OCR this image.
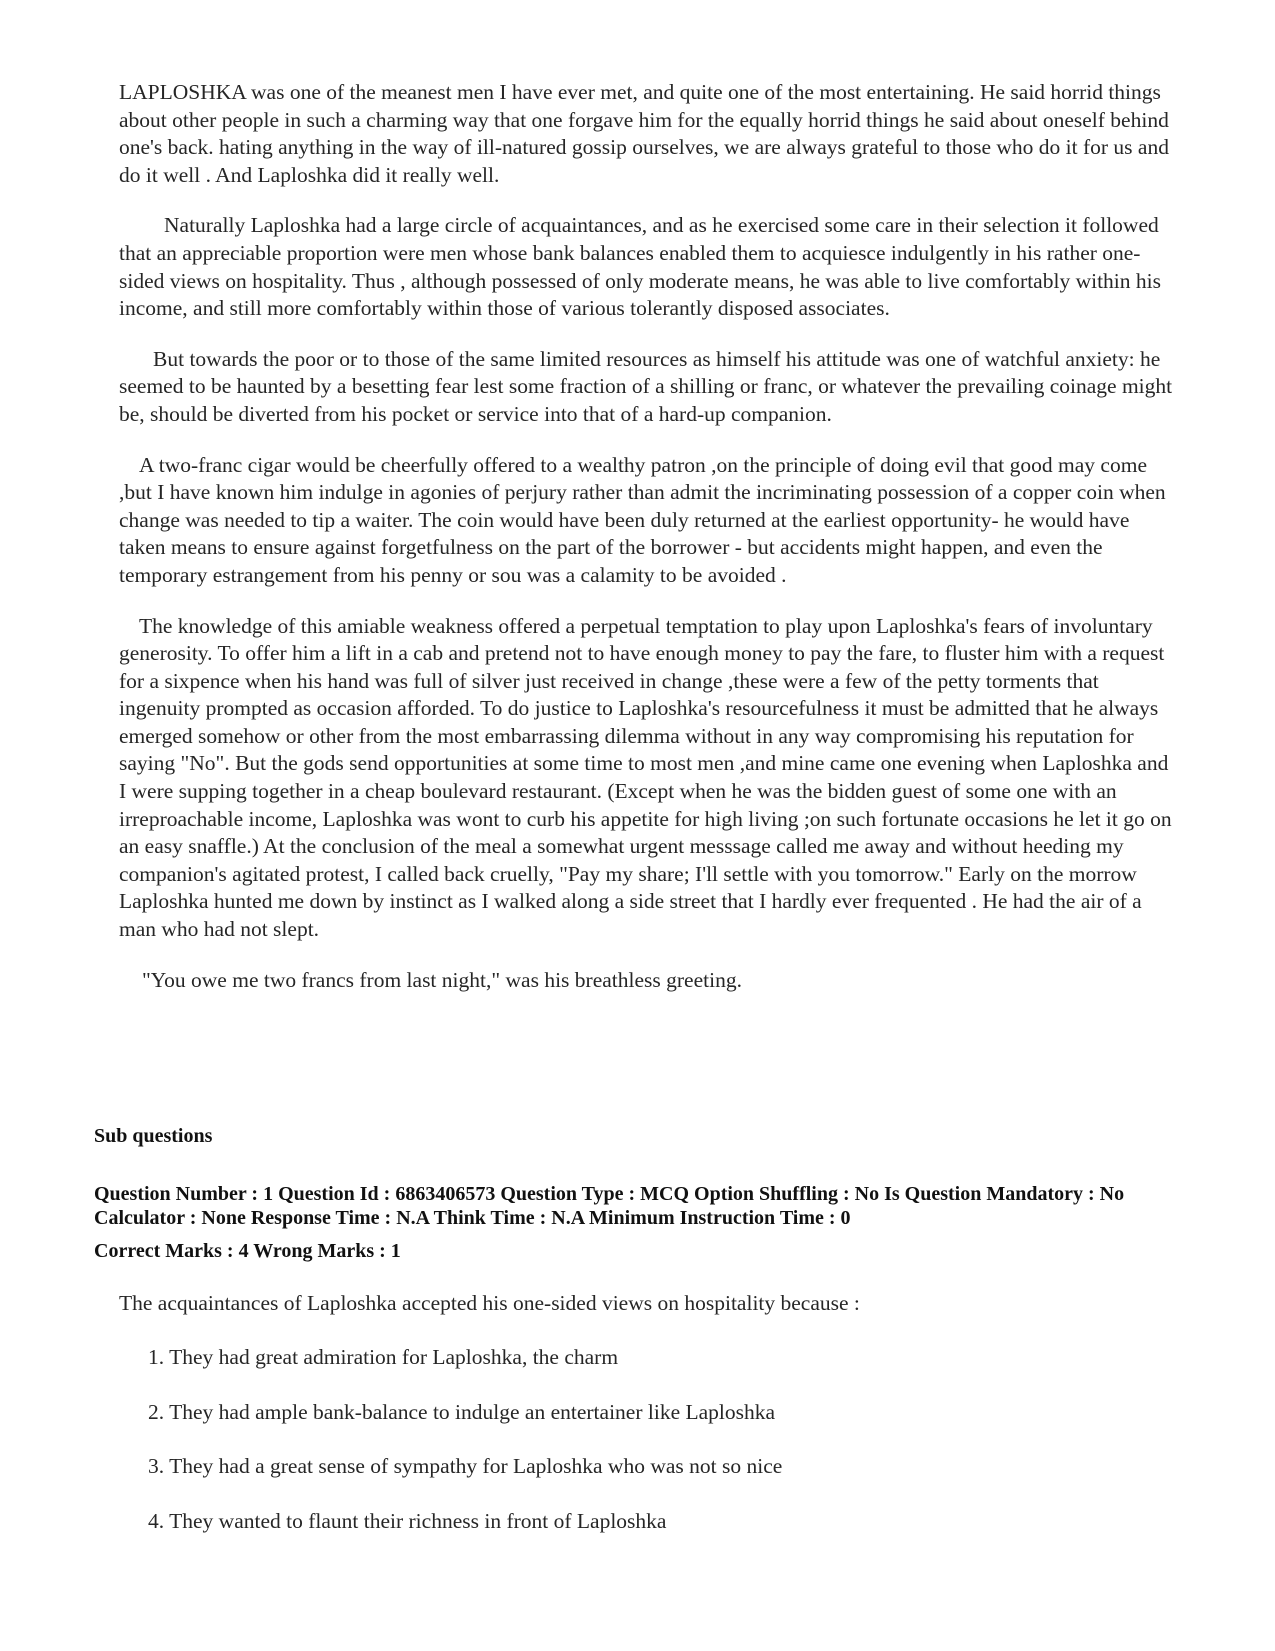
LAPLOSHKA was one of the meanest men I have ever met, and quite one of the most entertaining. He said horrid things about other people in such a charming way that one forgave him for the equally horrid things he said about oneself behind one's back. hating anything in the way of ill-natured gossip ourselves, we are always grateful to those who do it for us and do it well . And Laploshka did it really well.

Naturally Laploshka had a large circle of acquaintances, and as he exercised some care in their selection it followed that an appreciable proportion were men whose bank balances enabled them to acquiesce indulgently in his rather one-sided views on hospitality. Thus , although possessed of only moderate means, he was able to live comfortably within his income, and still more comfortably within those of various tolerantly disposed associates.

But towards the poor or to those of the same limited resources as himself his attitude was one of watchful anxiety: he seemed to be haunted by a besetting fear lest some fraction of a shilling or franc, or whatever the prevailing coinage might be, should be diverted from his pocket or service into that of a hard-up companion.

A two-franc cigar would be cheerfully offered to a wealthy patron ,on the principle of doing evil that good may come ,but I have known him indulge in agonies of perjury rather than admit the incriminating possession of a copper coin when change was needed to tip a waiter. The coin would have been duly returned at the earliest opportunity- he would have taken means to ensure against forgetfulness on the part of the borrower - but accidents might happen, and even the temporary estrangement from his penny or sou was a calamity to be avoided .

The knowledge of this amiable weakness offered a perpetual temptation to play upon Laploshka's fears of involuntary generosity. To offer him a lift in a cab and pretend not to have enough money to pay the fare, to fluster him with a request for a sixpence when his hand was full of silver just received in change ,these were a few of the petty torments that ingenuity prompted as occasion afforded. To do justice to Laploshka's resourcefulness it must be admitted that he always emerged somehow or other from the most embarrassing dilemma without in any way compromising his reputation for saying "No". But the gods send opportunities at some time to most men ,and mine came one evening when Laploshka and I were supping together in a cheap boulevard restaurant. (Except when he was the bidden guest of some one with an irreproachable income, Laploshka was wont to curb his appetite for high living ;on such fortunate occasions he let it go on an easy snaffle.) At the conclusion of the meal a somewhat urgent messsage called me away and without heeding my companion's agitated protest, I called back cruelly, "Pay my share; I'll settle with you tomorrow." Early on the morrow Laploshka hunted me down by instinct as I walked along a side street that I hardly ever frequented . He had the air of a man who had not slept.

"You owe me two francs from last night," was his breathless greeting.

Sub questions

Question Number : 1 Question Id : 6863406573 Question Type : MCQ Option Shuffling : No Is Question Mandatory : No Calculator : None Response Time : N.A Think Time : N.A Minimum Instruction Time : 0

Correct Marks : 4 Wrong Marks : 1

The acquaintances of Laploshka accepted his one-sided views on hospitality because :

1. They had great admiration for Laploshka, the charm
2. They had ample bank-balance to indulge an entertainer like Laploshka
3. They had a great sense of sympathy for Laploshka who was not so nice
4. They wanted to flaunt their richness in front of Laploshka
